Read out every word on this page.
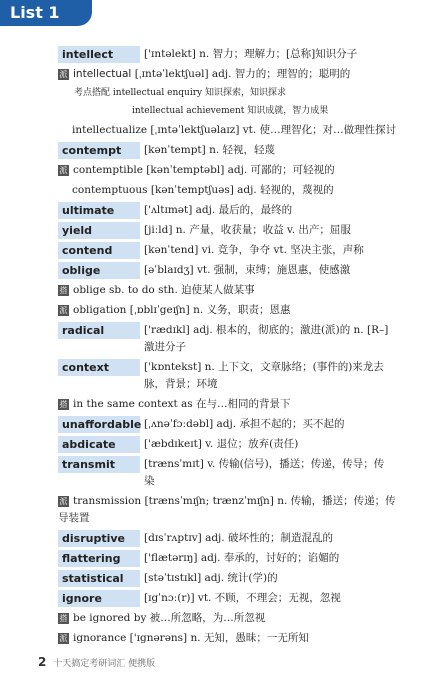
List 1
intellect	['ɪntəlekt] n. 智力；理解力；[总称]知识分子
派 intellectual [ˌɪntəˈlektʃuəl] adj. 智力的；理智的；聪明的
考点搭配 intellectual enquiry 知识探索，知识探求
intellectual achievement 知识成就，智力成果
intellectualize [ˌɪntəˈlektʃuəlaɪz] vt. 使…理智化；对…做理性探讨
contempt [kənˈtempt] n. 轻视，轻蔑
派 contemptible [kənˈtemptəbl] adj. 可鄙的；可轻视的
contemptuous [kənˈtemptʃuəs] adj. 轻视的，蔑视的
ultimate	['ʌltɪmət] adj. 最后的，最终的
yield	[jiːld] n. 产量，收获量；收益 v. 出产；屈服
contend	[kənˈtend] vi. 竞争，争夺 vt. 坚决主张，声称
oblige	[əˈblaɪdʒ] vt. 强制，束缚；施恩惠，使感激
搭 oblige sb. to do sth. 迫使某人做某事
派 obligation [ˌɒblɪˈgeɪʃn] n. 义务，职责；恩惠
radical	['rædɪkl] adj. 根本的，彻底的；激进(派)的 n. [R–] 激进分子
context	['kɒntekst] n. 上下文，文章脉络；(事件的)来龙去脉，背景；环境
搭 in the same context as 在与…相同的背景下
unaffordable [ˌʌnəˈfɔːdəbl] adj. 承担不起的；买不起的
abdicate	['æbdɪkeɪt] v. 退位；放弃(责任)
transmit	[trænsˈmɪt] v. 传输(信号)，播送；传递，传导；传染
派 transmission [trænsˈmɪʃn; trænzˈmɪʃn] n. 传输，播送；传递；传导装置
disruptive [dɪsˈrʌptɪv] adj. 破坏性的；制造混乱的
flattering ['flætərɪŋ] adj. 奉承的，讨好的；谄媚的
statistical [stəˈtɪstɪkl] adj. 统计(学)的
ignore	[ɪgˈnɔː(r)] vt. 不顾，不理会；无视，忽视
搭 be ignored by 被…所忽略，为…所忽视
派 ignorance ['ɪgnərəns] n. 无知，愚昧；一无所知
2 十天搞定考研词汇 便携版
